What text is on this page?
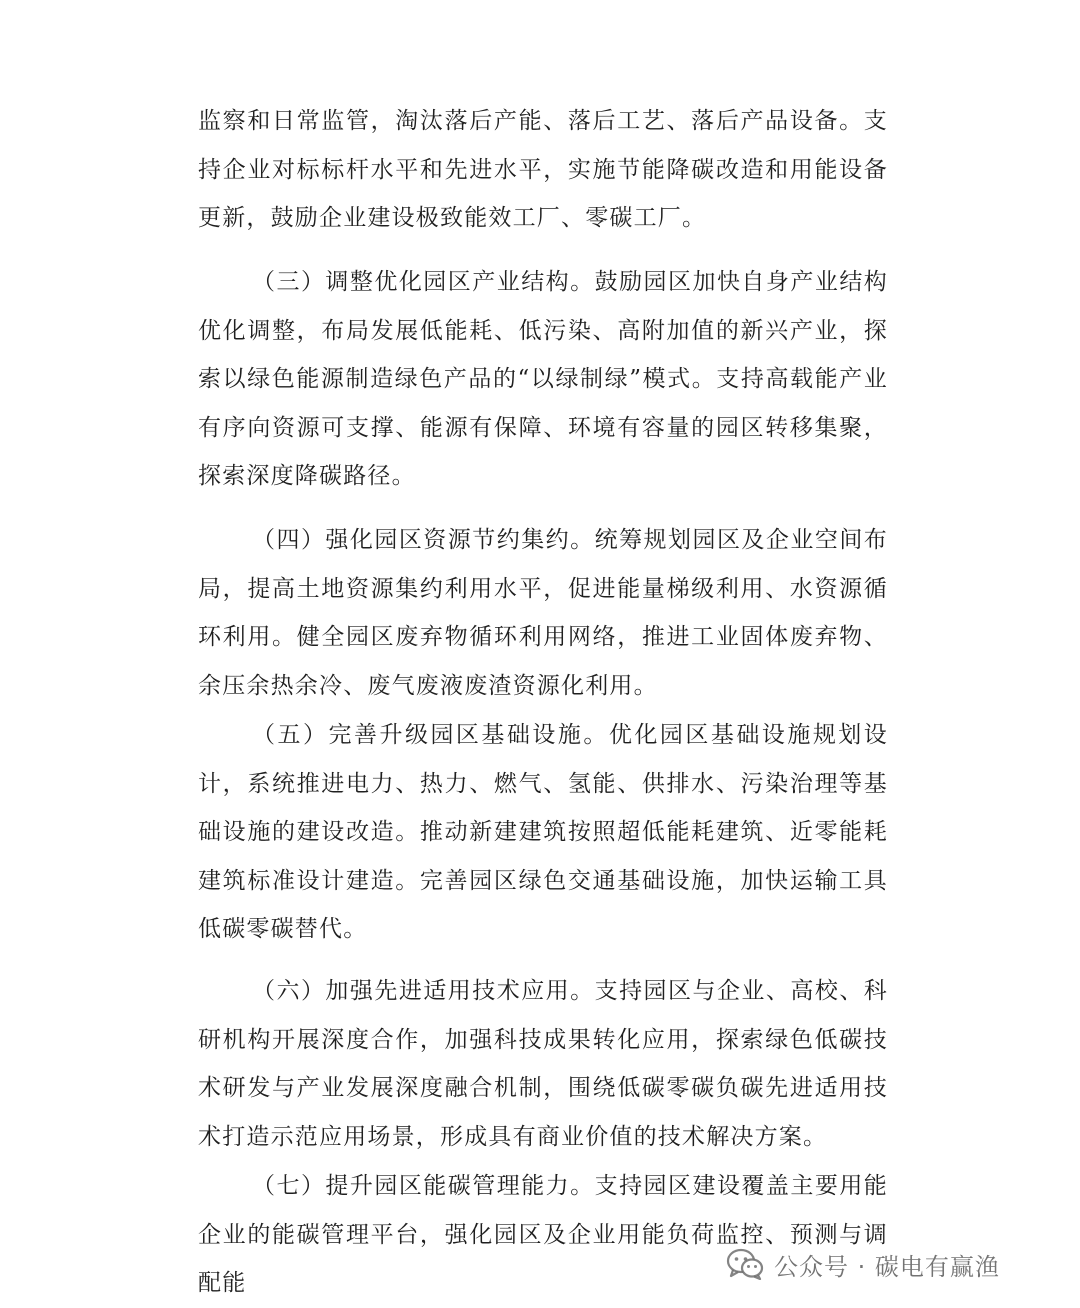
监察和日常监管，淘汰落后产能、落后工艺、落后产品设备。支持企业对标标杆水平和先进水平，实施节能降碳改造和用能设备更新，鼓励企业建设极致能效工厂、零碳工厂。

（三）调整优化园区产业结构。鼓励园区加快自身产业结构优化调整，布局发展低能耗、低污染、高附加值的新兴产业，探索以绿色能源制造绿色产品的“以绿制绿”模式。支持高载能产业有序向资源可支撑、能源有保障、环境有容量的园区转移集聚，探索深度降碳路径。

（四）强化园区资源节约集约。统筹规划园区及企业空间布局，提高土地资源集约利用水平，促进能量梯级利用、水资源循环利用。健全园区废弃物循环利用网络，推进工业固体废弃物、余压余热余冷、废气废液废渣资源化利用。

（五）完善升级园区基础设施。优化园区基础设施规划设计，系统推进电力、热力、燃气、氢能、供排水、污染治理等基础设施的建设改造。推动新建建筑按照超低能耗建筑、近零能耗建筑标准设计建造。完善园区绿色交通基础设施，加快运输工具低碳零碳替代。

（六）加强先进适用技术应用。支持园区与企业、高校、科研机构开展深度合作，加强科技成果转化应用，探索绿色低碳技术研发与产业发展深度融合机制，围绕低碳零碳负碳先进适用技术打造示范应用场景，形成具有商业价值的技术解决方案。

（七）提升园区能碳管理能力。支持园区建设覆盖主要用能企业的能碳管理平台，强化园区及企业用能负荷监控、预测与调配能

公众号 · 碳电有赢渔
